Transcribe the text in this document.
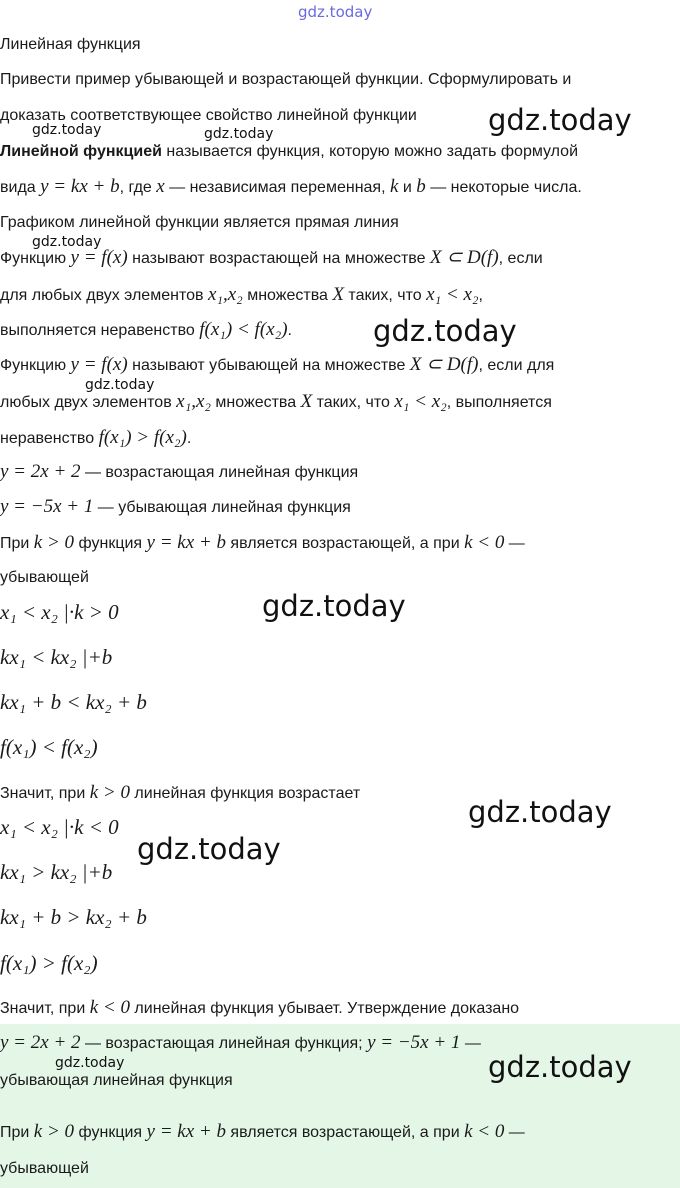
Линейная функция
Привести пример убывающей и возрастающей функции. Сформулировать и
доказать соответствующее свойство линейной функции
Линейной функцией называется функция, которую можно задать формулой
вида y = kx + b, где x — независимая переменная, k и b — некоторые числа.
Графиком линейной функции является прямая линия
Функцию y = f(x) называют возрастающей на множестве X ⊂ D(f), если
для любых двух элементов x₁,x₂ множества X таких, что x₁ < x₂,
выполняется неравенство f(x₁) < f(x₂).
Функцию y = f(x) называют убывающей на множестве X ⊂ D(f), если для
любых двух элементов x₁,x₂ множества X таких, что x₁ < x₂, выполняется
неравенство f(x₁) > f(x₂).
y = 2x + 2 — возрастающая линейная функция
y = −5x + 1 — убывающая линейная функция
При k > 0 функция y = kx + b является возрастающей, а при k < 0 —
убывающей
x₁ < x₂ |·k > 0
kx₁ < kx₂ |+b
kx₁ + b < kx₂ + b
f(x₁) < f(x₂)
Значит, при k > 0 линейная функция возрастает
x₁ < x₂ |·k < 0
kx₁ > kx₂ |+b
kx₁ + b > kx₂ + b
f(x₁) > f(x₂)
Значит, при k < 0 линейная функция убывает. Утверждение доказано
y = 2x + 2 — возрастающая линейная функция; y = −5x + 1 —
убывающая линейная функция
При k > 0 функция y = kx + b является возрастающей, а при k < 0 —
убывающей
gdz.today
gdz.today
gdz.today	gdz.today
gdz.today
gdz.today
gdz.today
gdz.today
gdz.today
gdz.today
gdz.today	gdz.today
